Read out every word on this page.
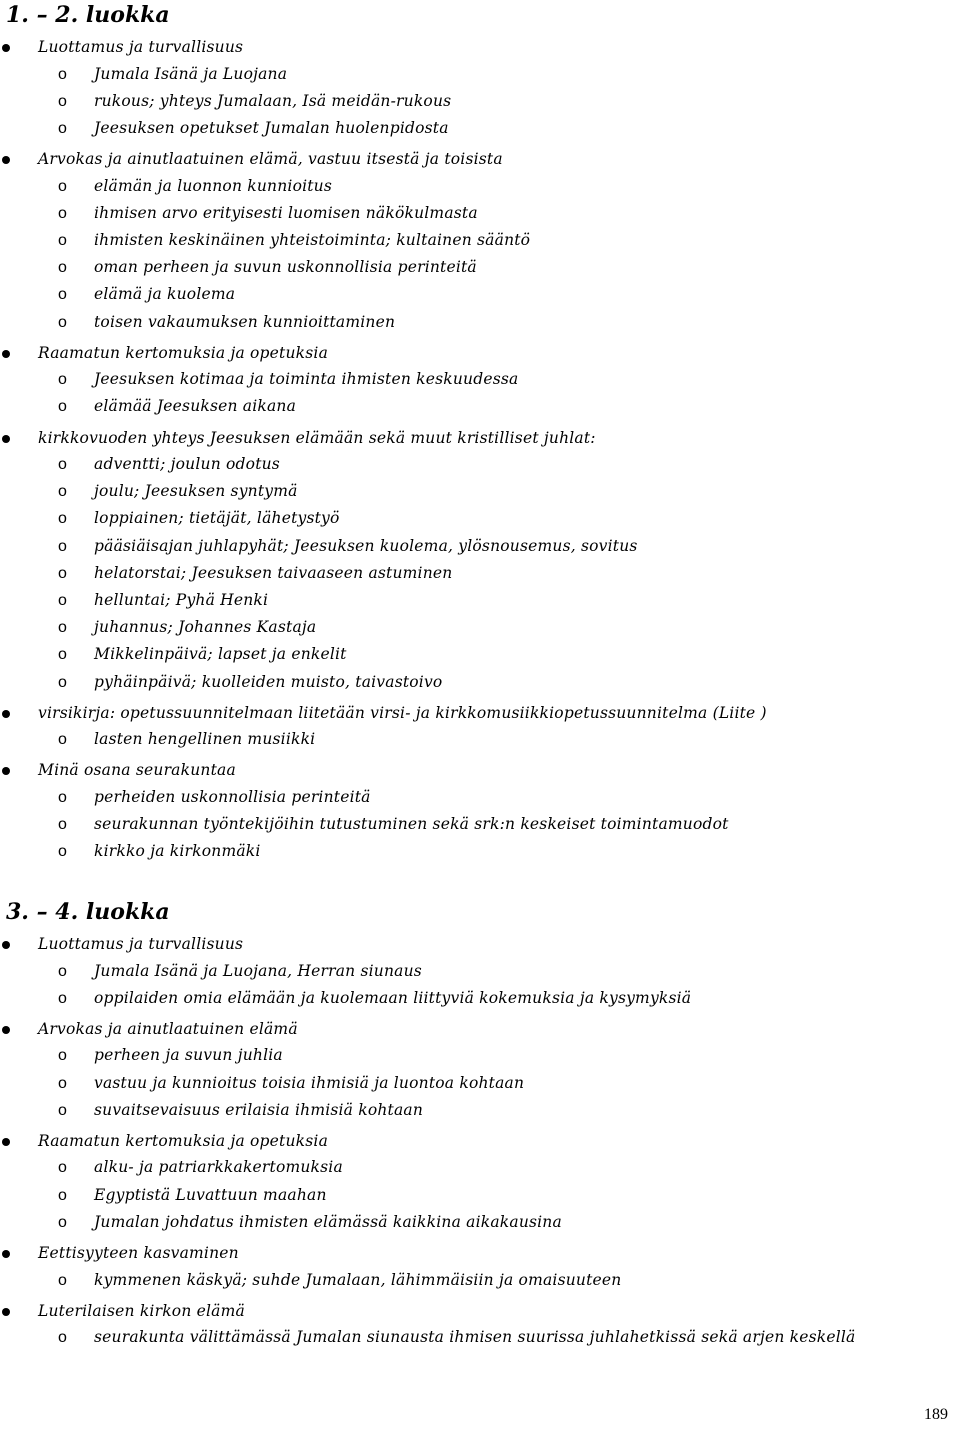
1. – 2. luokka
Luottamus ja turvallisuus
o Jumala Isänä ja Luojana
o rukous; yhteys Jumalaan, Isä meidän-rukous
o Jeesuksen opetukset Jumalan huolenpidosta
Arvokas ja ainutlaatuinen elämä, vastuu itsestä ja toisista
o elämän ja luonnon kunnioitus
o ihmisen arvo erityisesti luomisen näkökulmasta
o ihmisten keskinäinen yhteistoiminta; kultainen sääntö
o oman perheen ja suvun uskonnollisia perinteitä
o elämä ja kuolema
o toisen vakaumuksen kunnioittaminen
Raamatun kertomuksia ja opetuksia
o Jeesuksen kotimaa ja toiminta ihmisten keskuudessa
o elämää Jeesuksen aikana
kirkkovuoden yhteys Jeesuksen elämään sekä muut kristilliset juhlat:
o adventti; joulun odotus
o joulu; Jeesuksen syntymä
o loppiainen; tietäjät, lähetystyö
o pääsiäisajan juhlapyhät; Jeesuksen kuolema, ylösnousemus, sovitus
o helatorstai; Jeesuksen taivaaseen astuminen
o helluntai; Pyhä Henki
o juhannus; Johannes Kastaja
o Mikkelinpäivä; lapset ja enkelit
o pyhäinpäivä; kuolleiden muisto, taivastoivo
virsikirja: opetussuunnitelmaan liitetään virsi- ja kirkkomusiikkiopetussuunnitelma (Liite )
o lasten hengellinen musiikki
Minä osana seurakuntaa
o perheiden uskonnollisia perinteitä
o seurakunnan työntekijöihin tutustuminen sekä srk:n keskeiset toimintamuodot
o kirkko ja kirkonmäki
3. – 4. luokka
Luottamus ja turvallisuus
o Jumala Isänä ja Luojana, Herran siunaus
o oppilaiden omia elämään ja kuolemaan liittyviä kokemuksia ja kysymyksiä
Arvokas ja ainutlaatuinen elämä
o perheen ja suvun juhlia
o vastuu ja kunnioitus toisia ihmisiä ja luontoa kohtaan
o suvaitsevaisuus erilaisia ihmisiä kohtaan
Raamatun kertomuksia ja opetuksia
o alku- ja patriarkkakertomuksia
o Egyptistä Luvattuun maahan
o Jumalan johdatus ihmisten elämässä kaikkina aikakausina
Eettisyyteen kasvaminen
o kymmenen käskyä; suhde Jumalaan, lähimmäisiin ja omaisuuteen
Luterilaisen kirkon elämä
o seurakunta välittämässä Jumalan siunausta ihmisen suurissa juhlahetkissä sekä arjen keskellä
189
